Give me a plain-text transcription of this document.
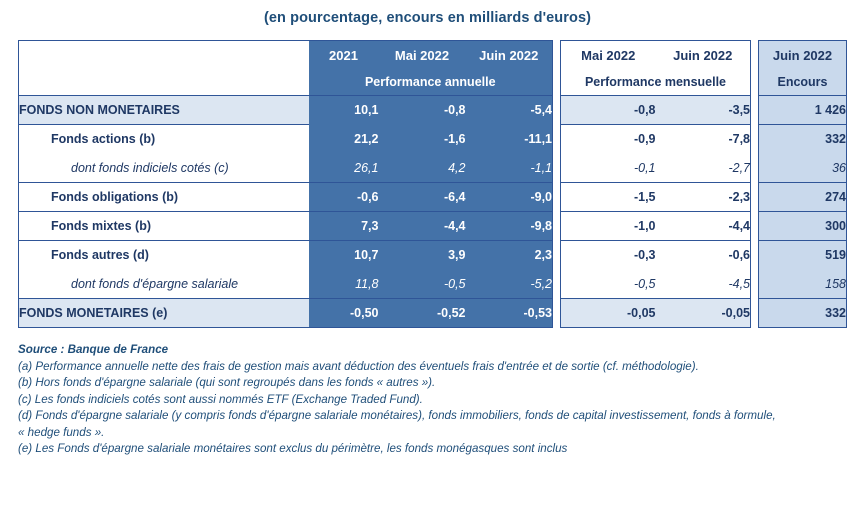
(en pourcentage, encours en milliards d'euros)
	2021	Mai 2022	Juin 2022		Mai 2022	Juin 2022		Juin 2022
	Performance annuelle				Performance mensuelle			Encours
FONDS NON MONETAIRES	10,1	-0,8	-5,4		-0,8	-3,5		1 426
Fonds actions (b)	21,2	-1,6	-11,1		-0,9	-7,8		332
dont fonds indiciels cotés (c)	26,1	4,2	-1,1		-0,1	-2,7		36
Fonds obligations (b)	-0,6	-6,4	-9,0		-1,5	-2,3		274
Fonds mixtes (b)	7,3	-4,4	-9,8		-1,0	-4,4		300
Fonds autres (d)	10,7	3,9	2,3		-0,3	-0,6		519
dont fonds d'épargne salariale	11,8	-0,5	-5,2		-0,5	-4,5		158
FONDS MONETAIRES (e)	-0,50	-0,52	-0,53		-0,05	-0,05		332

Source : Banque de France

(a) Performance annuelle nette des frais de gestion mais avant déduction des éventuels frais d'entrée et de sortie (cf. méthodologie).

(b) Hors fonds d'épargne salariale (qui sont regroupés dans les fonds « autres »).

(c) Les fonds indiciels cotés sont aussi nommés ETF (Exchange Traded Fund).

(d) Fonds d'épargne salariale (y compris fonds d'épargne salariale monétaires), fonds immobiliers, fonds de capital investissement, fonds à formule,

« hedge funds ».

(e) Les Fonds d'épargne salariale monétaires sont exclus du périmètre, les fonds monégasques sont inclus
